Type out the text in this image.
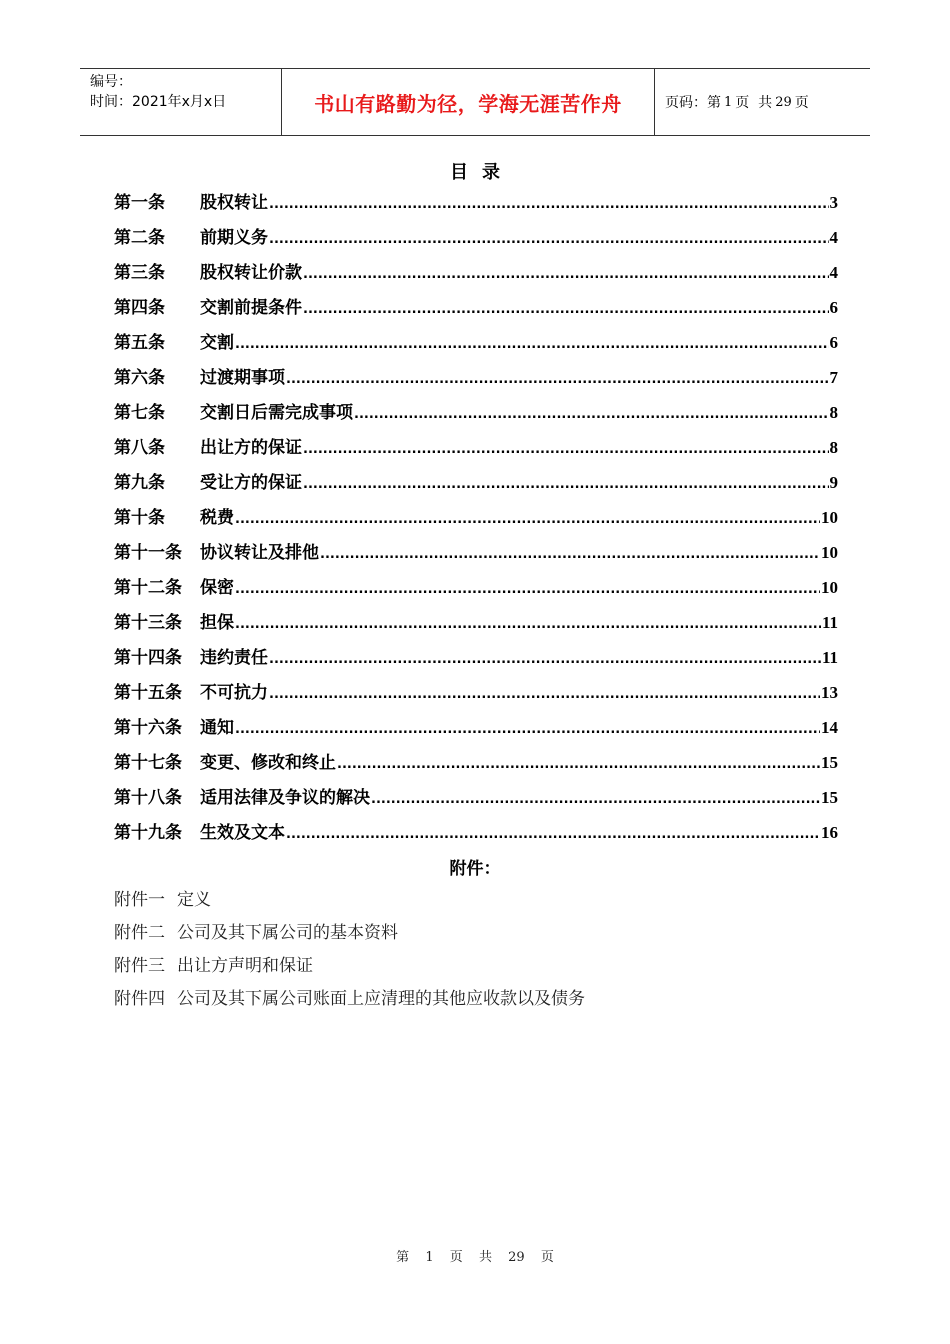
编号：
时间：2021年x月x日	书山有路勤为径，学海无涯苦作舟	页码：第 1 页  共 29 页
目录
第一条	股权转让 .....	3
第二条	前期义务 .....	4
第三条	股权转让价款 .....	4
第四条	交割前提条件 .....	6
第五条	交割 .....	6
第六条	过渡期事项 .....	7
第七条	交割日后需完成事项 .....	8
第八条	出让方的保证 .....	8
第九条	受让方的保证 .....	9
第十条	税费 .....	10
第十一条	协议转让及排他 .....	10
第十二条	保密 .....	10
第十三条	担保 .....	11
第十四条	违约责任 .....	11
第十五条	不可抗力 .....	13
第十六条	通知 .....	14
第十七条	变更、修改和终止 .....	15
第十八条	适用法律及争议的解决 .....	15
第十九条	生效及文本 .....	16
附件：
附件一 定义
附件二 公司及其下属公司的基本资料
附件三 出让方声明和保证
附件四 公司及其下属公司账面上应清理的其他应收款以及债务
第 1 页  共 29 页
